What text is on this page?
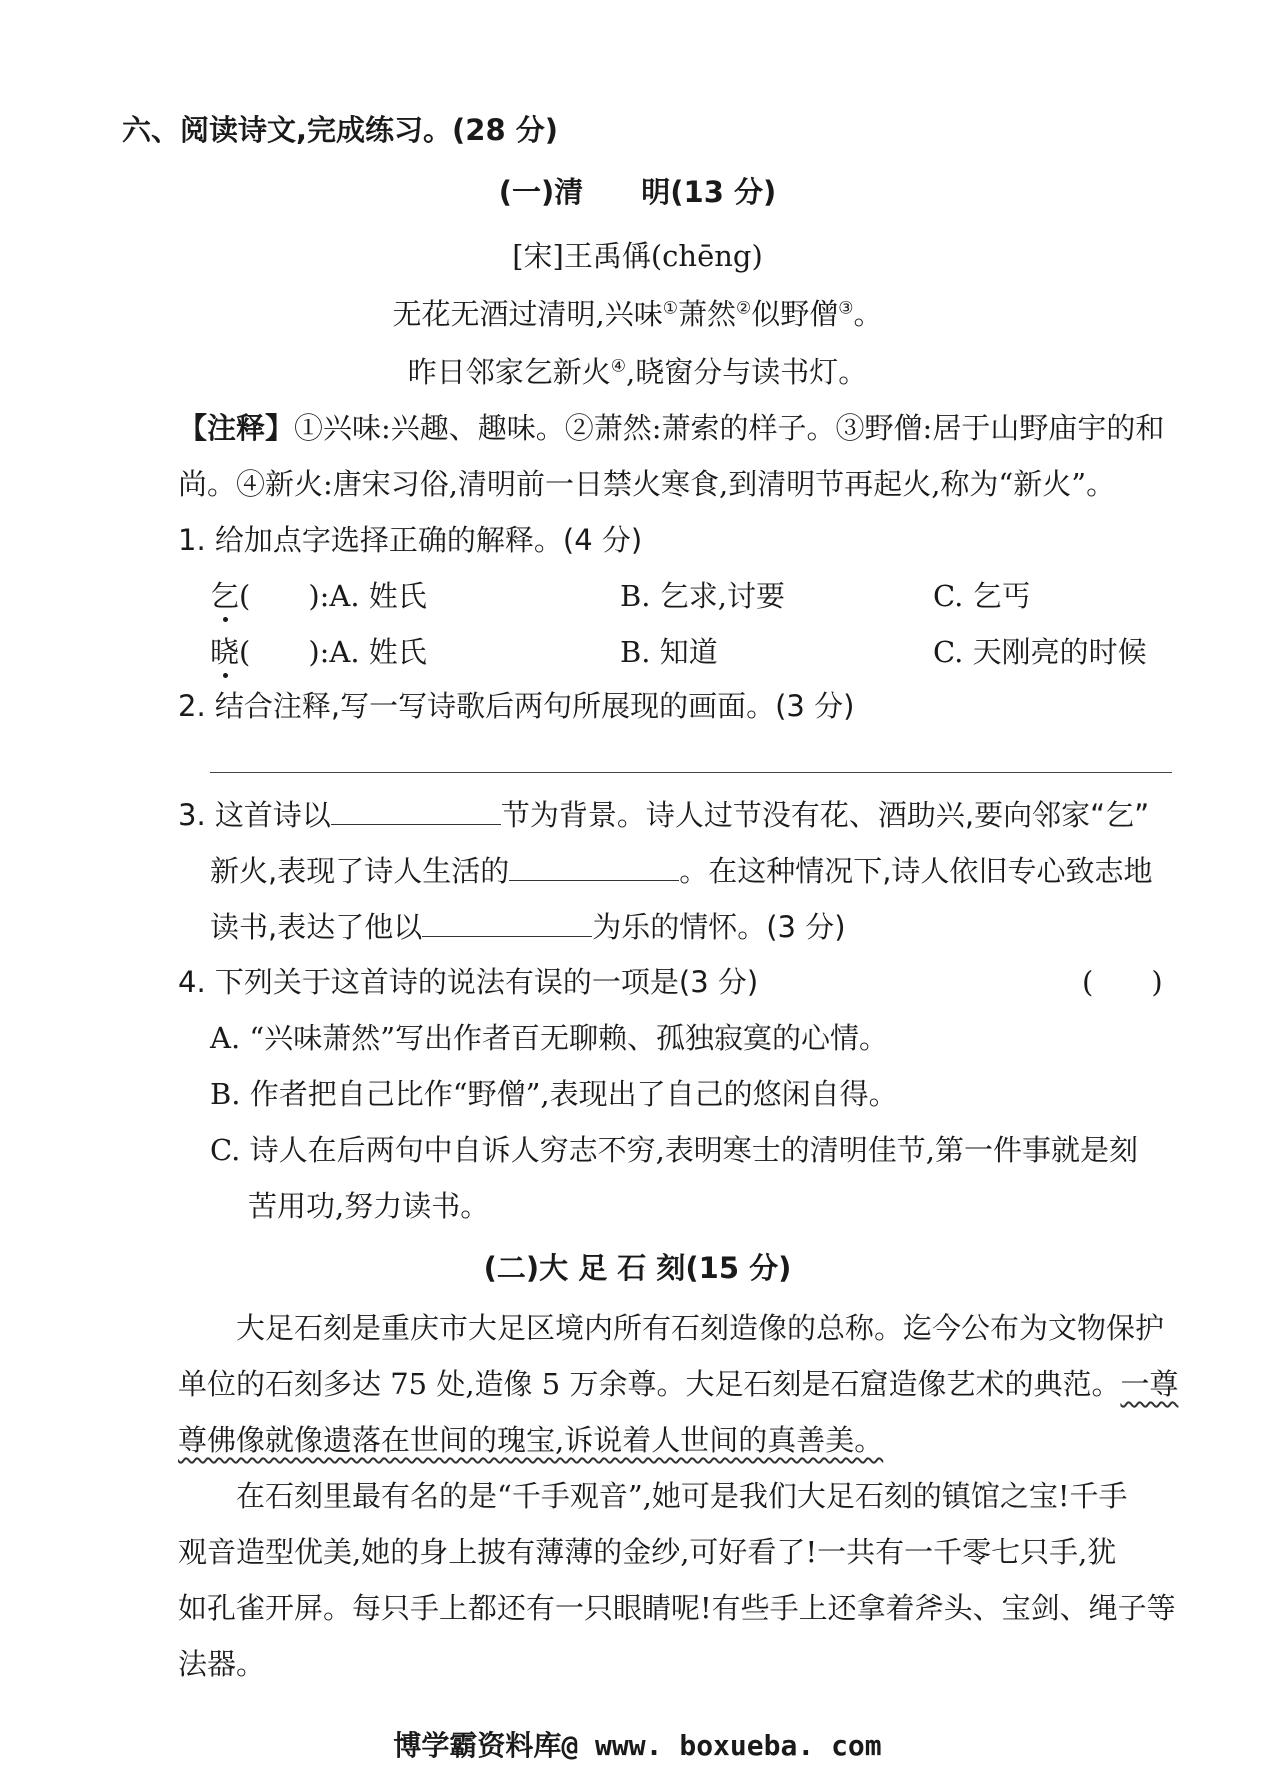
六、阅读诗文,完成练习。(28 分)
(一)清　　明(13 分)
[宋]王禹偁(chēng)
无花无酒过清明,兴味①萧然②似野僧③。
昨日邻家乞新火④,晓窗分与读书灯。
【注释】①兴味:兴趣、趣味。②萧然:萧索的样子。③野僧:居于山野庙宇的和
尚。④新火:唐宋习俗,清明前一日禁火寒食,到清明节再起火,称为“新火”。
1. 给加点字选择正确的解释。(4 分)
乞(　　):A. 姓氏	B. 乞求,讨要	C. 乞丐
晓(　　):A. 姓氏	B. 知道	C. 天刚亮的时候
2. 结合注释,写一写诗歌后两句所展现的画面。(3 分)
3. 这首诗以	节为背景。诗人过节没有花、酒助兴,要向邻家“乞”
新火,表现了诗人生活的	。在这种情况下,诗人依旧专心致志地
读书,表达了他以	为乐的情怀。(3 分)
4. 下列关于这首诗的说法有误的一项是(3 分)	(　　)
A. “兴味萧然”写出作者百无聊赖、孤独寂寞的心情。
B. 作者把自己比作“野僧”,表现出了自己的悠闲自得。
C. 诗人在后两句中自诉人穷志不穷,表明寒士的清明佳节,第一件事就是刻
苦用功,努力读书。
(二)大 足 石 刻(15 分)
大足石刻是重庆市大足区境内所有石刻造像的总称。迄今公布为文物保护
单位的石刻多达 75 处,造像 5 万余尊。大足石刻是石窟造像艺术的典范。一尊
尊佛像就像遗落在世间的瑰宝,诉说着人世间的真善美。
在石刻里最有名的是“千手观音”,她可是我们大足石刻的镇馆之宝!千手
观音造型优美,她的身上披有薄薄的金纱,可好看了!一共有一千零七只手,犹
如孔雀开屏。每只手上都还有一只眼睛呢!有些手上还拿着斧头、宝剑、绳子等
法器。
博学霸资料库@ www. boxueba. com
